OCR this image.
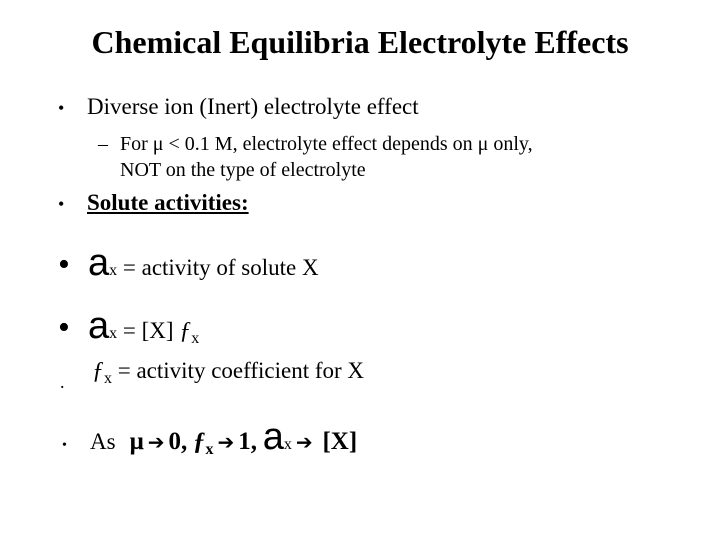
Chemical Equilibria Electrolyte Effects
• Diverse ion (Inert) electrolyte effect
– For μ < 0.1 M, electrolyte effect depends on μ only,
NOT on the type of electrolyte
• Solute activities:
• ax = activity of solute X
• ax = [X] $ƒ_x$
. $ƒ_x$ = activity coefficient for X
• As μ ➔ 0, $ƒ_x$ ➔ 1, ax ➔ [X]
